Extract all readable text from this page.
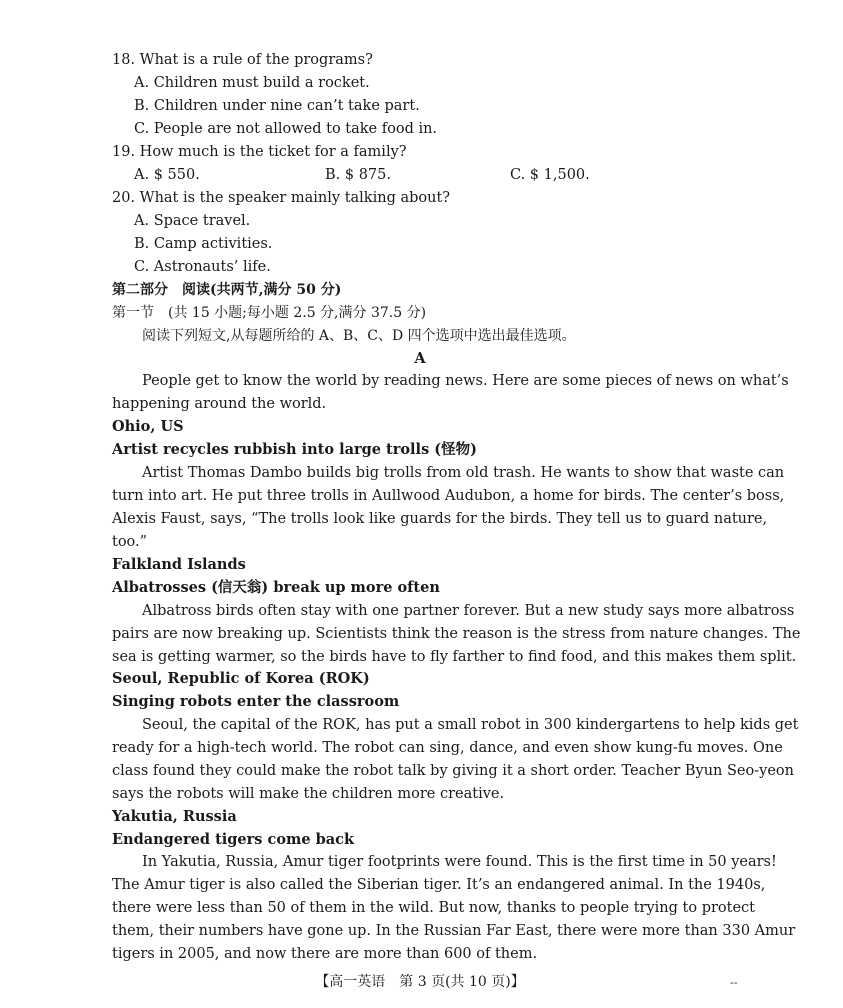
18. What is a rule of the programs?
A. Children must build a rocket.
B. Children under nine can’t take part.
C. People are not allowed to take food in.
19. How much is the ticket for a family?
A. $ 550.	B. $ 875.	C. $ 1,500.
20. What is the speaker mainly talking about?
A. Space travel.
B. Camp activities.
C. Astronauts’ life.
第二部分　阅读(共两节,满分 50 分)
第一节　(共 15 小题;每小题 2.5 分,满分 37.5 分)
阅读下列短文,从每题所给的 A、B、C、D 四个选项中选出最佳选项。
A
People get to know the world by reading news. Here are some pieces of news on what’s
happening around the world.
Ohio, US
Artist recycles rubbish into large trolls (怪物)
Artist Thomas Dambo builds big trolls from old trash. He wants to show that waste can
turn into art. He put three trolls in Aullwood Audubon, a home for birds. The center’s boss,
Alexis Faust, says, “The trolls look like guards for the birds. They tell us to guard nature,
too.”
Falkland Islands
Albatrosses (信天翁) break up more often
Albatross birds often stay with one partner forever. But a new study says more albatross
pairs are now breaking up. Scientists think the reason is the stress from nature changes. The
sea is getting warmer, so the birds have to fly farther to find food, and this makes them split.
Seoul, Republic of Korea (ROK)
Singing robots enter the classroom
Seoul, the capital of the ROK, has put a small robot in 300 kindergartens to help kids get
ready for a high-tech world. The robot can sing, dance, and even show kung-fu moves. One
class found they could make the robot talk by giving it a short order. Teacher Byun Seo-yeon
says the robots will make the children more creative.
Yakutia, Russia
Endangered tigers come back
In Yakutia, Russia, Amur tiger footprints were found. This is the first time in 50 years!
The Amur tiger is also called the Siberian tiger. It’s an endangered animal. In the 1940s,
there were less than 50 of them in the wild. But now, thanks to people trying to protect
them, their numbers have gone up. In the Russian Far East, there were more than 330 Amur
tigers in 2005, and now there are more than 600 of them.
【高一英语　第 3 页(共 10 页)】	--
